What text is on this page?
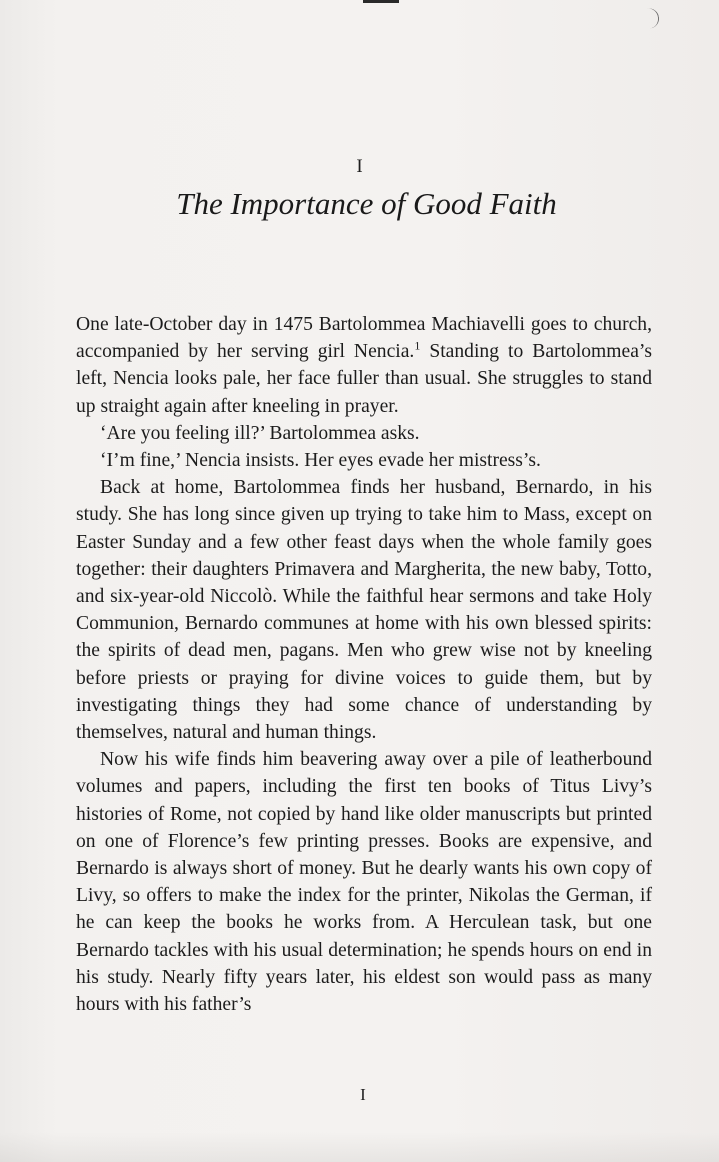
I
The Importance of Good Faith

One late-October day in 1475 Bartolommea Machiavelli goes to church, accompanied by her serving girl Nencia.$^1$ Standing to Bartolommea’s left, Nencia looks pale, her face fuller than usual. She struggles to stand up straight again after kneeling in prayer.

‘Are you feeling ill?’ Bartolommea asks.

‘I’m fine,’ Nencia insists. Her eyes evade her mistress’s.

Back at home, Bartolommea finds her husband, Bernardo, in his study. She has long since given up trying to take him to Mass, except on Easter Sunday and a few other feast days when the whole family goes together: their daughters Primavera and Margherita, the new baby, Totto, and six-year-old Niccolò. While the faithful hear sermons and take Holy Communion, Bernardo communes at home with his own blessed spirits: the spirits of dead men, pagans. Men who grew wise not by kneeling before priests or praying for divine voices to guide them, but by investigating things they had some chance of understanding by themselves, natural and human things.

Now his wife finds him beavering away over a pile of leatherbound volumes and papers, including the first ten books of Titus Livy’s histories of Rome, not copied by hand like older manuscripts but printed on one of Florence’s few printing presses. Books are expensive, and Bernardo is always short of money. But he dearly wants his own copy of Livy, so offers to make the index for the printer, Nikolas the German, if he can keep the books he works from. A Herculean task, but one Bernardo tackles with his usual determination; he spends hours on end in his study. Nearly fifty years later, his eldest son would pass as many hours with his father’s

I
